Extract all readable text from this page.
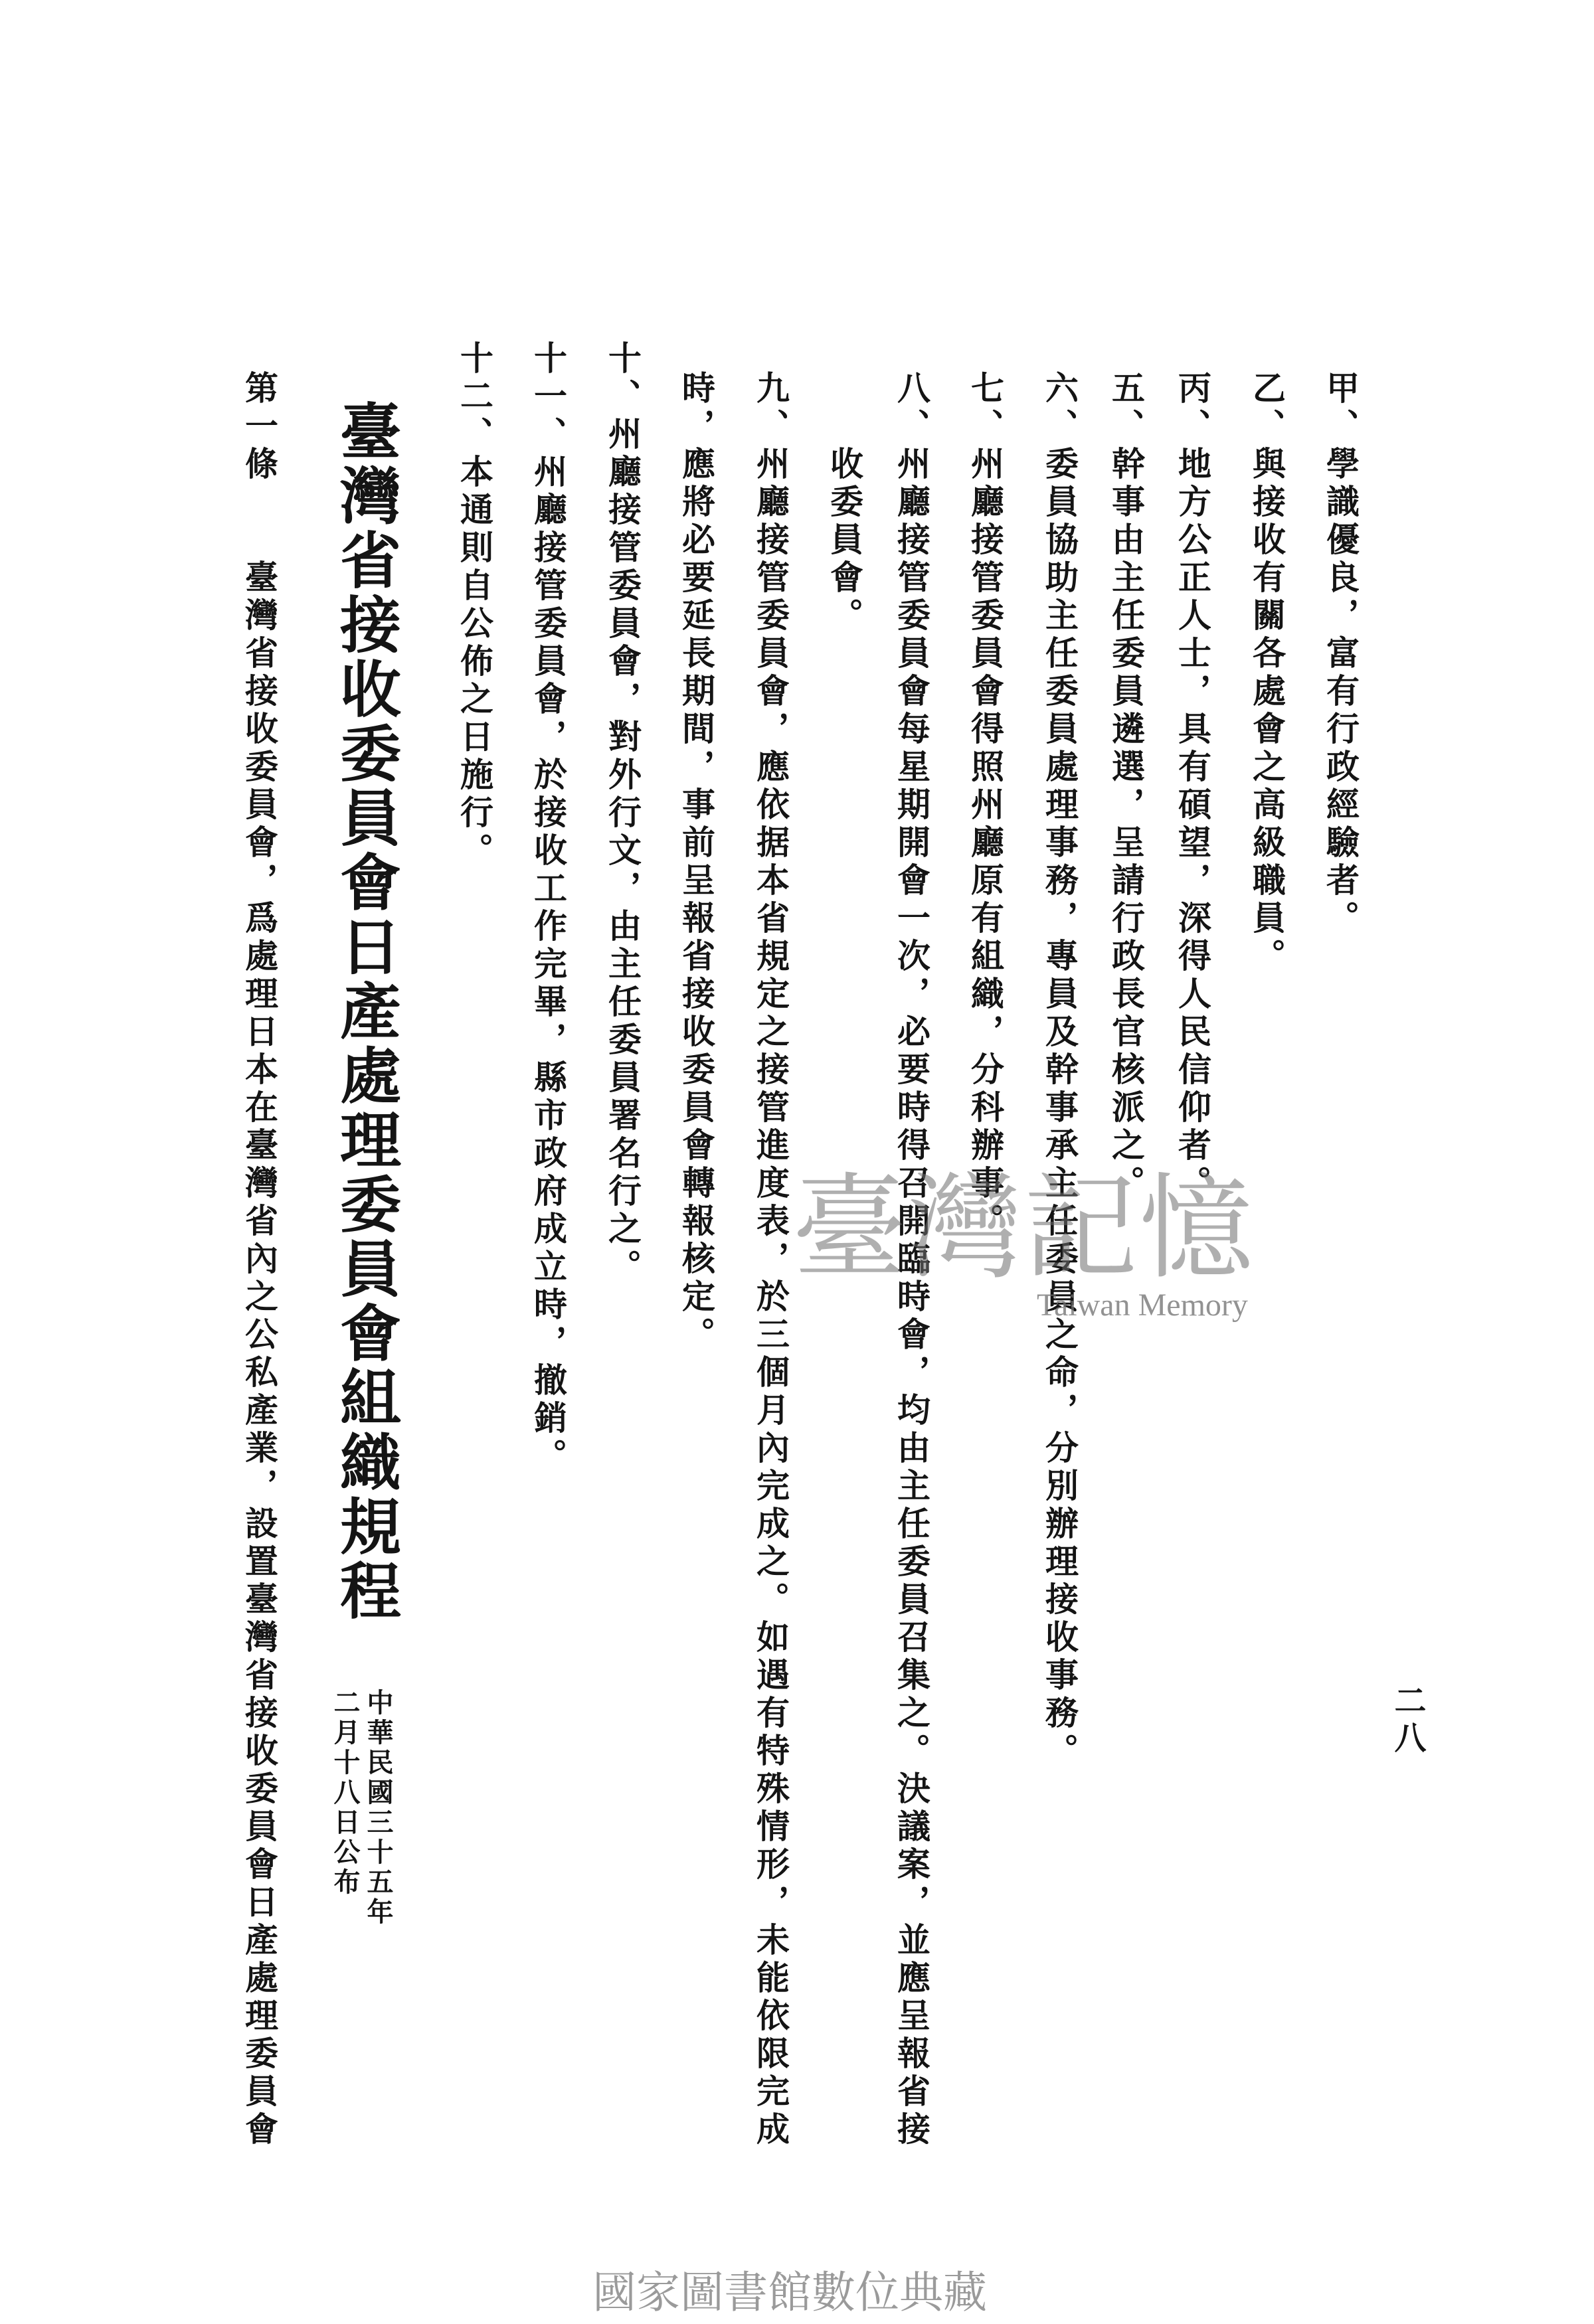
二八
甲、學識優良，富有行政經驗者。
乙、與接收有關各處會之高級職員。
丙、地方公正人士，具有碩望，深得人民信仰者。
五、幹事由主任委員遴選，呈請行政長官核派之。
六、委員協助主任委員處理事務，專員及幹事承主任委員之命，分別辦理接收事務。
七、州廳接管委員會得照州廳原有組織，分科辦事。
八、州廳接管委員會每星期開會一次，必要時得召開臨時會，均由主任委員召集之。決議案，並應呈報省接
收委員會。
九、州廳接管委員會，應依据本省規定之接管進度表，於三個月內完成之。如遇有特殊情形，未能依限完成
時，應將必要延長期間，事前呈報省接收委員會轉報核定。
十、州廳接管委員會，對外行文，由主任委員署名行之。
十一、州廳接管委員會，於接收工作完畢，縣市政府成立時，撤銷。
十二、本通則自公佈之日施行。
臺灣省接收委員會日產處理委員會組織規程
中華民國三十五年
二月十八日公布
第一條　　臺灣省接收委員會，爲處理日本在臺灣省內之公私產業，設置臺灣省接收委員會日產處理委員會	臺灣記憶
Taiwan Memory
國家圖書館數位典藏
